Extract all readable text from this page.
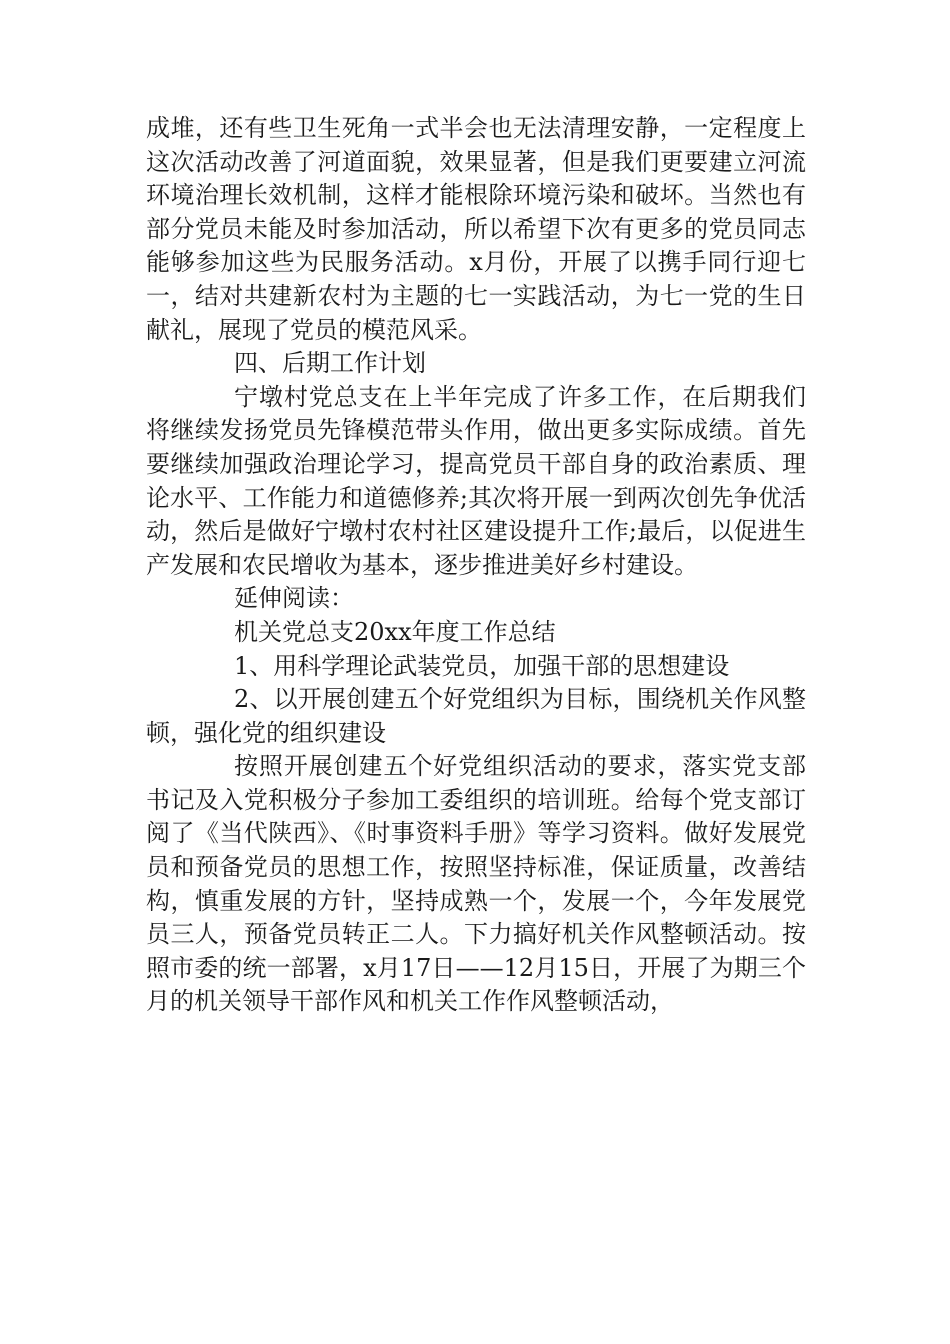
成堆，还有些卫生死角一式半会也无法清理安静，一定程度上 这次活动改善了河道面貌，效果显著，但是我们更要建立河流环境治理长效机制，这样才能根除环境污染和破坏。当然也有部分党员未能及时参加活动，所以希望下次有更多的党员同志能够参加这些为民服务活动。x月份，开展了以携手同行迎七一，结对共建新农村为主题的七一实践活动，为七一党的生日献礼，展现了党员的模范风采。

四、后期工作计划

宁墩村党总支在上半年完成了许多工作，在后期我们将继续发扬党员先锋模范带头作用，做出更多实际成绩。首先要继续加强政治理论学习，提高党员干部自身的政治素质、理论水平、工作能力和道德修养;其次将开展一到两次创先争优活动，然后是做好宁墩村农村社区建设提升工作;最后，以促进生产发展和农民增收为基本，逐步推进美好乡村建设。

延伸阅读：

机关党总支20xx年度工作总结

1、用科学理论武装党员，加强干部的思想建设

2、以开展创建五个好党组织为目标，围绕机关作风整顿，强化党的组织建设

按照开展创建五个好党组织活动的要求，落实党支部书记及入党积极分子参加工委组织的培训班。给每个党支部订阅了《当代陕西》、《时事资料手册》等学习资料。做好发展党员和预备党员的思想工作，按照坚持标准，保证质量，改善结构，慎重发展的方针，坚持成熟一个，发展一个，今年发展党员三人，预备党员转正二人。下力搞好机关作风整顿活动。按照市委的统一部署，x月17日——12月15日，开展了为期三个月的机关领导干部作风和机关工作作风整顿活动，
